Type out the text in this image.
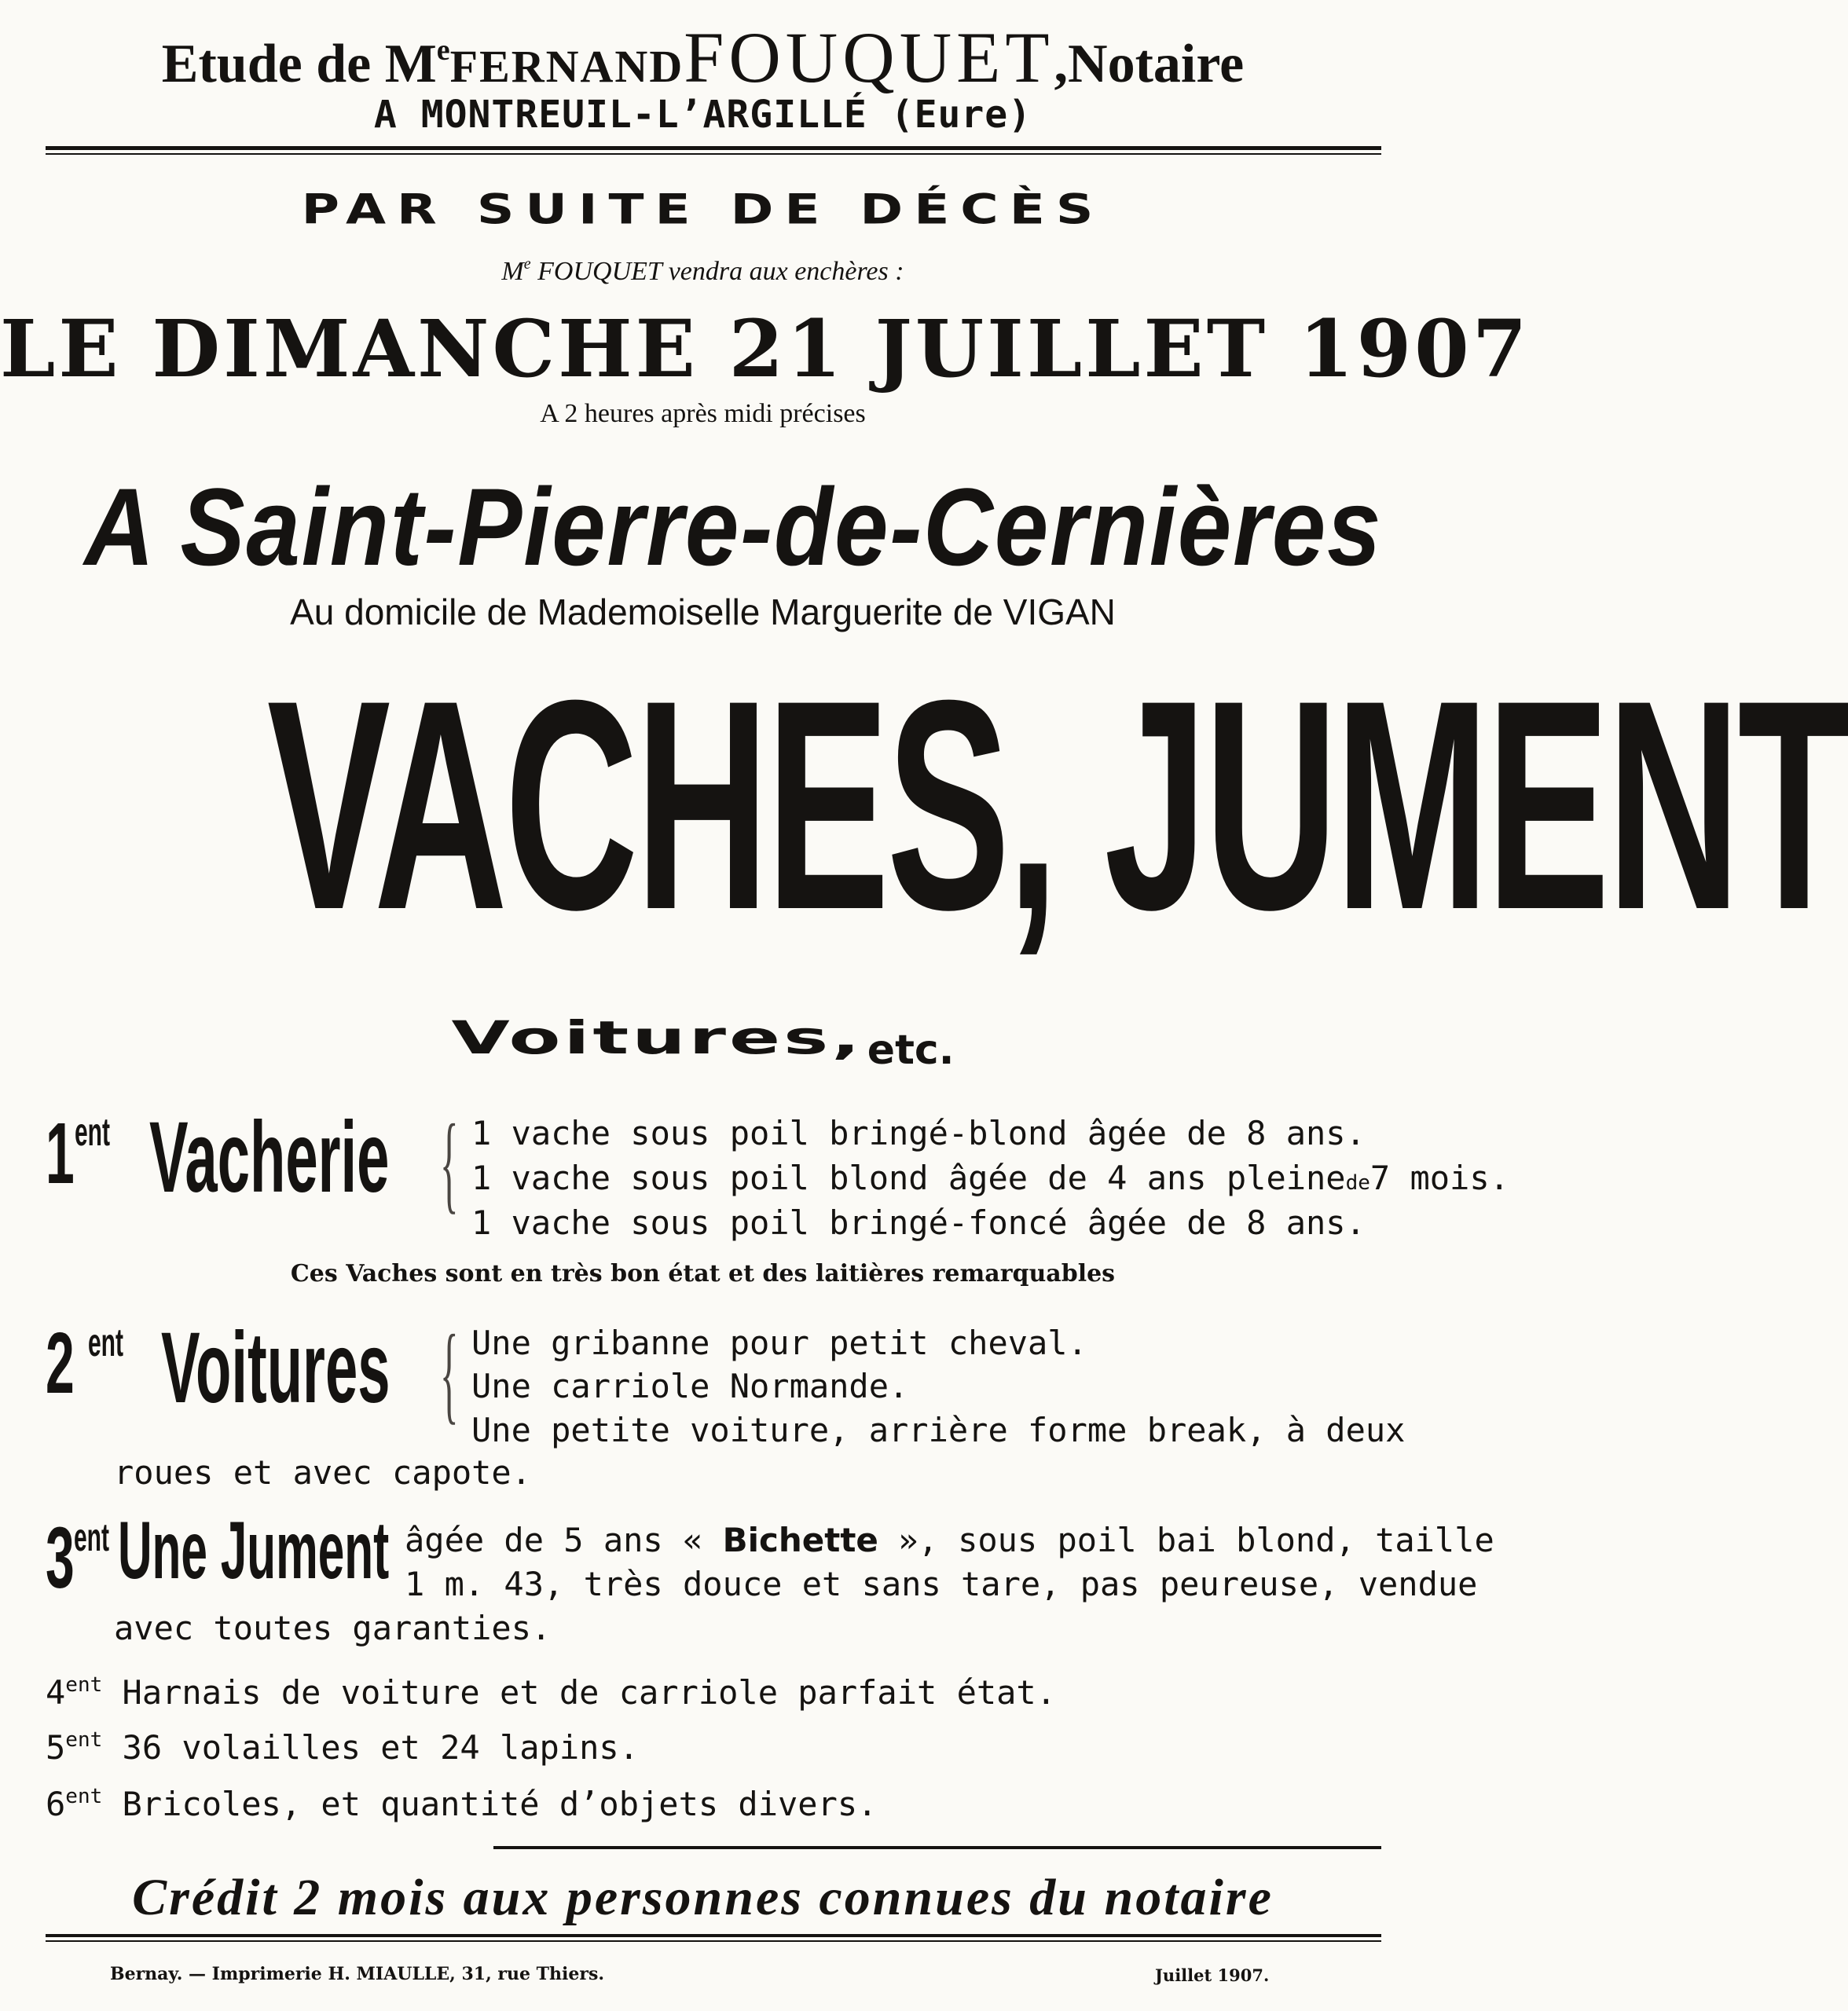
Etude de MeFERNANDFOUQUET,Notaire
A MONTREUIL-L’ARGILLÉ (Eure)
PAR SUITE DE DÉCÈS
Me FOUQUET vendra aux enchères :
LE DIMANCHE 21 JUILLET 1907
A 2 heures après midi précises
A Saint-Pierre-de-Cernières
Au domicile de Mademoiselle Marguerite de VIGAN
VACHES, JUMENT
Voitures, etc.
1 ent Vacherie { 1 vache sous poil bringé-blond âgée de 8 ans.
1 vache sous poil blond âgée de 4 ans pleinede7 mois.
1 vache sous poil bringé-foncé âgée de 8 ans.
Ces Vaches sont en très bon état et des laitières remarquables
2 ent Voitures { Une gribanne pour petit cheval.
Une carriole Normande.
Une petite voiture, arrière forme break, à deux
roues et avec capote.
3 ent Une Jument âgée de 5 ans « Bichette », sous poil bai blond, taille
1 m. 43, très douce et sans tare, pas peureuse, vendue
avec toutes garanties.
$4^{ent}$ Harnais de voiture et de carriole parfait état.
$5^{ent}$ 36 volailles et 24 lapins.
$6^{ent}$ Bricoles, et quantité d’objets divers.
Crédit 2 mois aux personnes connues du notaire
Bernay. — Imprimerie H. MIAULLE, 31, rue Thiers.	Juillet 1907.
